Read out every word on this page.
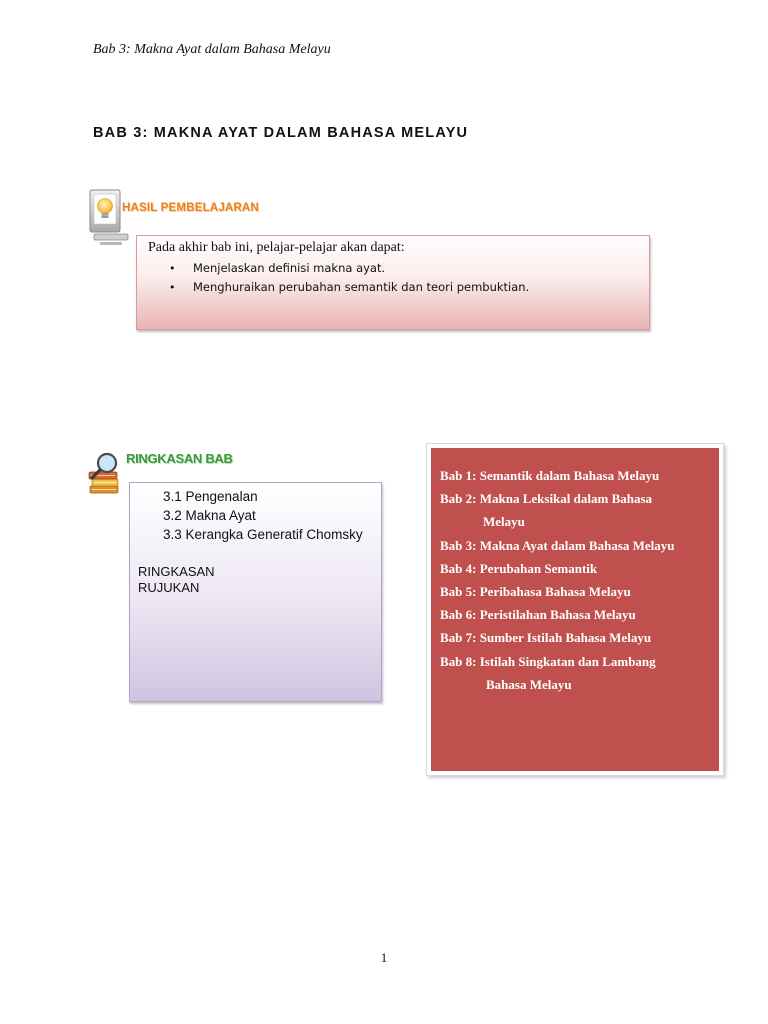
Bab 3: Makna Ayat dalam Bahasa Melayu
BAB 3: MAKNA AYAT DALAM BAHASA MELAYU
HASIL PEMBELAJARAN
Pada akhir bab ini, pelajar-pelajar akan dapat:
• Menjelaskan definisi makna ayat.
• Menghuraikan perubahan semantik dan teori pembuktian.
RINGKASAN BAB
3.1 Pengenalan
3.2 Makna Ayat
3.3 Kerangka Generatif Chomsky
RINGKASAN
RUJUKAN
Bab 1: Semantik dalam Bahasa Melayu
Bab 2: Makna Leksikal dalam Bahasa
Melayu
Bab 3: Makna Ayat dalam Bahasa Melayu
Bab 4: Perubahan Semantik
Bab 5: Peribahasa Bahasa Melayu
Bab 6: Peristilahan Bahasa Melayu
Bab 7: Sumber Istilah Bahasa Melayu
Bab 8: Istilah Singkatan dan Lambang
Bahasa Melayu
1
